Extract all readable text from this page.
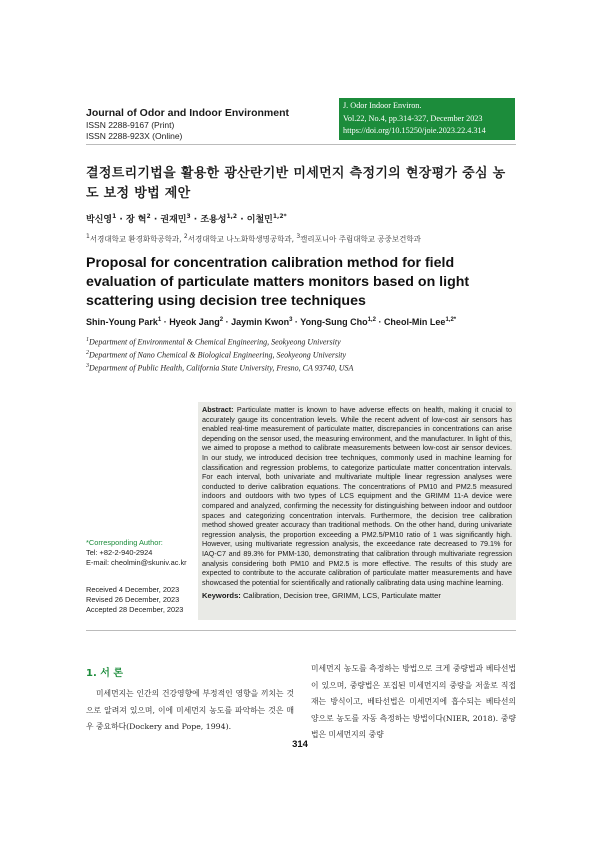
Journal of Odor and Indoor Environment
ISSN 2288-9167 (Print)
ISSN 2288-923X (Online)
J. Odor Indoor Environ.
Vol.22, No.4, pp.314-327, December 2023
https://doi.org/10.15250/joie.2023.22.4.314
결정트리기법을 활용한 광산란기반 미세먼지 측정기의 현장평가 중심 농도 보정 방법 제안
박신영$^1$ · 장 혁$^2$ · 권재민$^3$ · 조용성$^{1,2}$ · 이철민$^{1,2*}$
$^1$서경대학교 환경화학공학과, $^2$서경대학교 나노화학생명공학과, $^3$캘리포니아 주립대학교 공중보건학과
Proposal for concentration calibration method for field evaluation of particulate matters monitors based on light scattering using decision tree techniques
Shin-Young Park$^1$ · Hyeok Jang$^2$ · Jaymin Kwon$^3$ · Yong-Sung Cho$^{1,2}$ · Cheol-Min Lee$^{1,2*}$
$^1$Department of Environmental & Chemical Engineering, Seokyeong University
$^2$Department of Nano Chemical & Biological Engineering, Seokyeong University
$^3$Department of Public Health, California State University, Fresno, CA 93740, USA
Abstract: Particulate matter is known to have adverse effects on health, making it crucial to accurately gauge its concentration levels. While the recent advent of low-cost air sensors has enabled real-time measurement of particulate matter, discrepancies in concentrations can arise depending on the sensor used, the measuring environment, and the manufacturer. In light of this, we aimed to propose a method to calibrate measurements between low-cost air sensor devices. In our study, we introduced decision tree techniques, commonly used in machine learning for classification and regression problems, to categorize particulate matter concentration intervals. For each interval, both univariate and multivariate multiple linear regression analyses were conducted to derive calibration equations. The concentrations of PM10 and PM2.5 measured indoors and outdoors with two types of LCS equipment and the GRIMM 11-A device were compared and analyzed, confirming the necessity for distinguishing between indoor and outdoor spaces and categorizing concentration intervals. Furthermore, the decision tree calibration method showed greater accuracy than traditional methods. On the other hand, during univariate regression analysis, the proportion exceeding a PM2.5/PM10 ratio of 1 was significantly high. However, using multivariate regression analysis, the exceedance rate decreased to 79.1% for IAQ-C7 and 89.3% for PMM-130, demonstrating that calibration through multivariate regression analysis considering both PM10 and PM2.5 is more effective. The results of this study are expected to contribute to the accurate calibration of particulate matter measurements and have showcased the potential for scientifically and rationally calibrating data using machine learning.
Keywords: Calibration, Decision tree, GRIMM, LCS, Particulate matter
*Corresponding Author:
Tel: +82-2-940-2924
E-mail: cheolmin@skuniv.ac.kr
Received 4 December, 2023
Revised 26 December, 2023
Accepted 28 December, 2023
1. 서 론
미세먼지는 인간의 건강영향에 부정적인 영향을 끼치는 것으로 알려져 있으며, 이에 미세먼지 농도를 파악하는 것은 매우 중요하다(Dockery and Pope, 1994).
미세먼지 농도를 측정하는 방법으로 크게 중량법과 베타선법이 있으며, 중량법은 포집된 미세먼지의 중량을 저울로 직접 재는 방식이고, 베타선법은 미세먼지에 흡수되는 베타선의 양으로 농도를 자동 측정하는 방법이다(NIER, 2018). 중량법은 미세먼지의 중량
314
